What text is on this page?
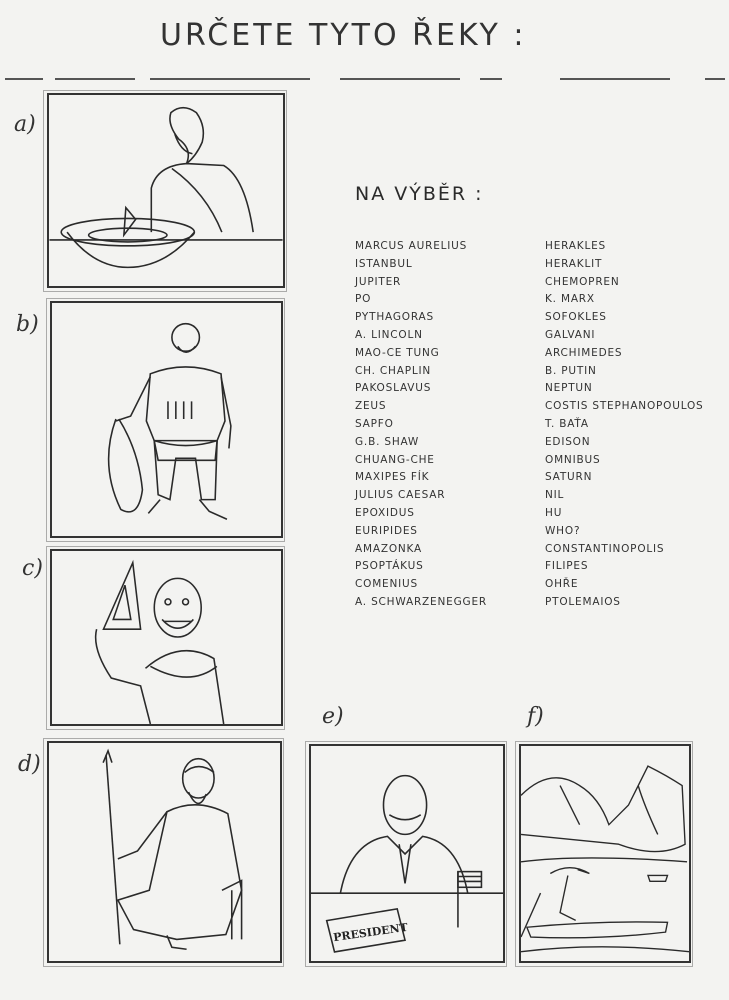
URČETE TYTO ŘEKY :
a)
b)
c)
d)
e)
PRESIDENT
f)
NA VÝBĚR :
MARCUS AURELIUS
ISTANBUL
JUPITER
PO
PYTHAGORAS
A. LINCOLN
MAO-CE TUNG
CH. CHAPLIN
PAKOSLAVUS
ZEUS
SAPFO
G.B. SHAW
CHUANG-CHE
MAXIPES FÍK
JULIUS CAESAR
EPOXIDUS
EURIPIDES
AMAZONKA
PSOPTÁKUS
COMENIUS
A. SCHWARZENEGGER
HERAKLES
HERAKLIT
CHEMOPREN
K. MARX
SOFOKLES
GALVANI
ARCHIMEDES
B. PUTIN
NEPTUN
COSTIS STEPHANOPOULOS
T. BAŤA
EDISON
OMNIBUS
SATURN
NIL
HU
WHO?
CONSTANTINOPOLIS
FILIPES
OHŘE
PTOLEMAIOS
